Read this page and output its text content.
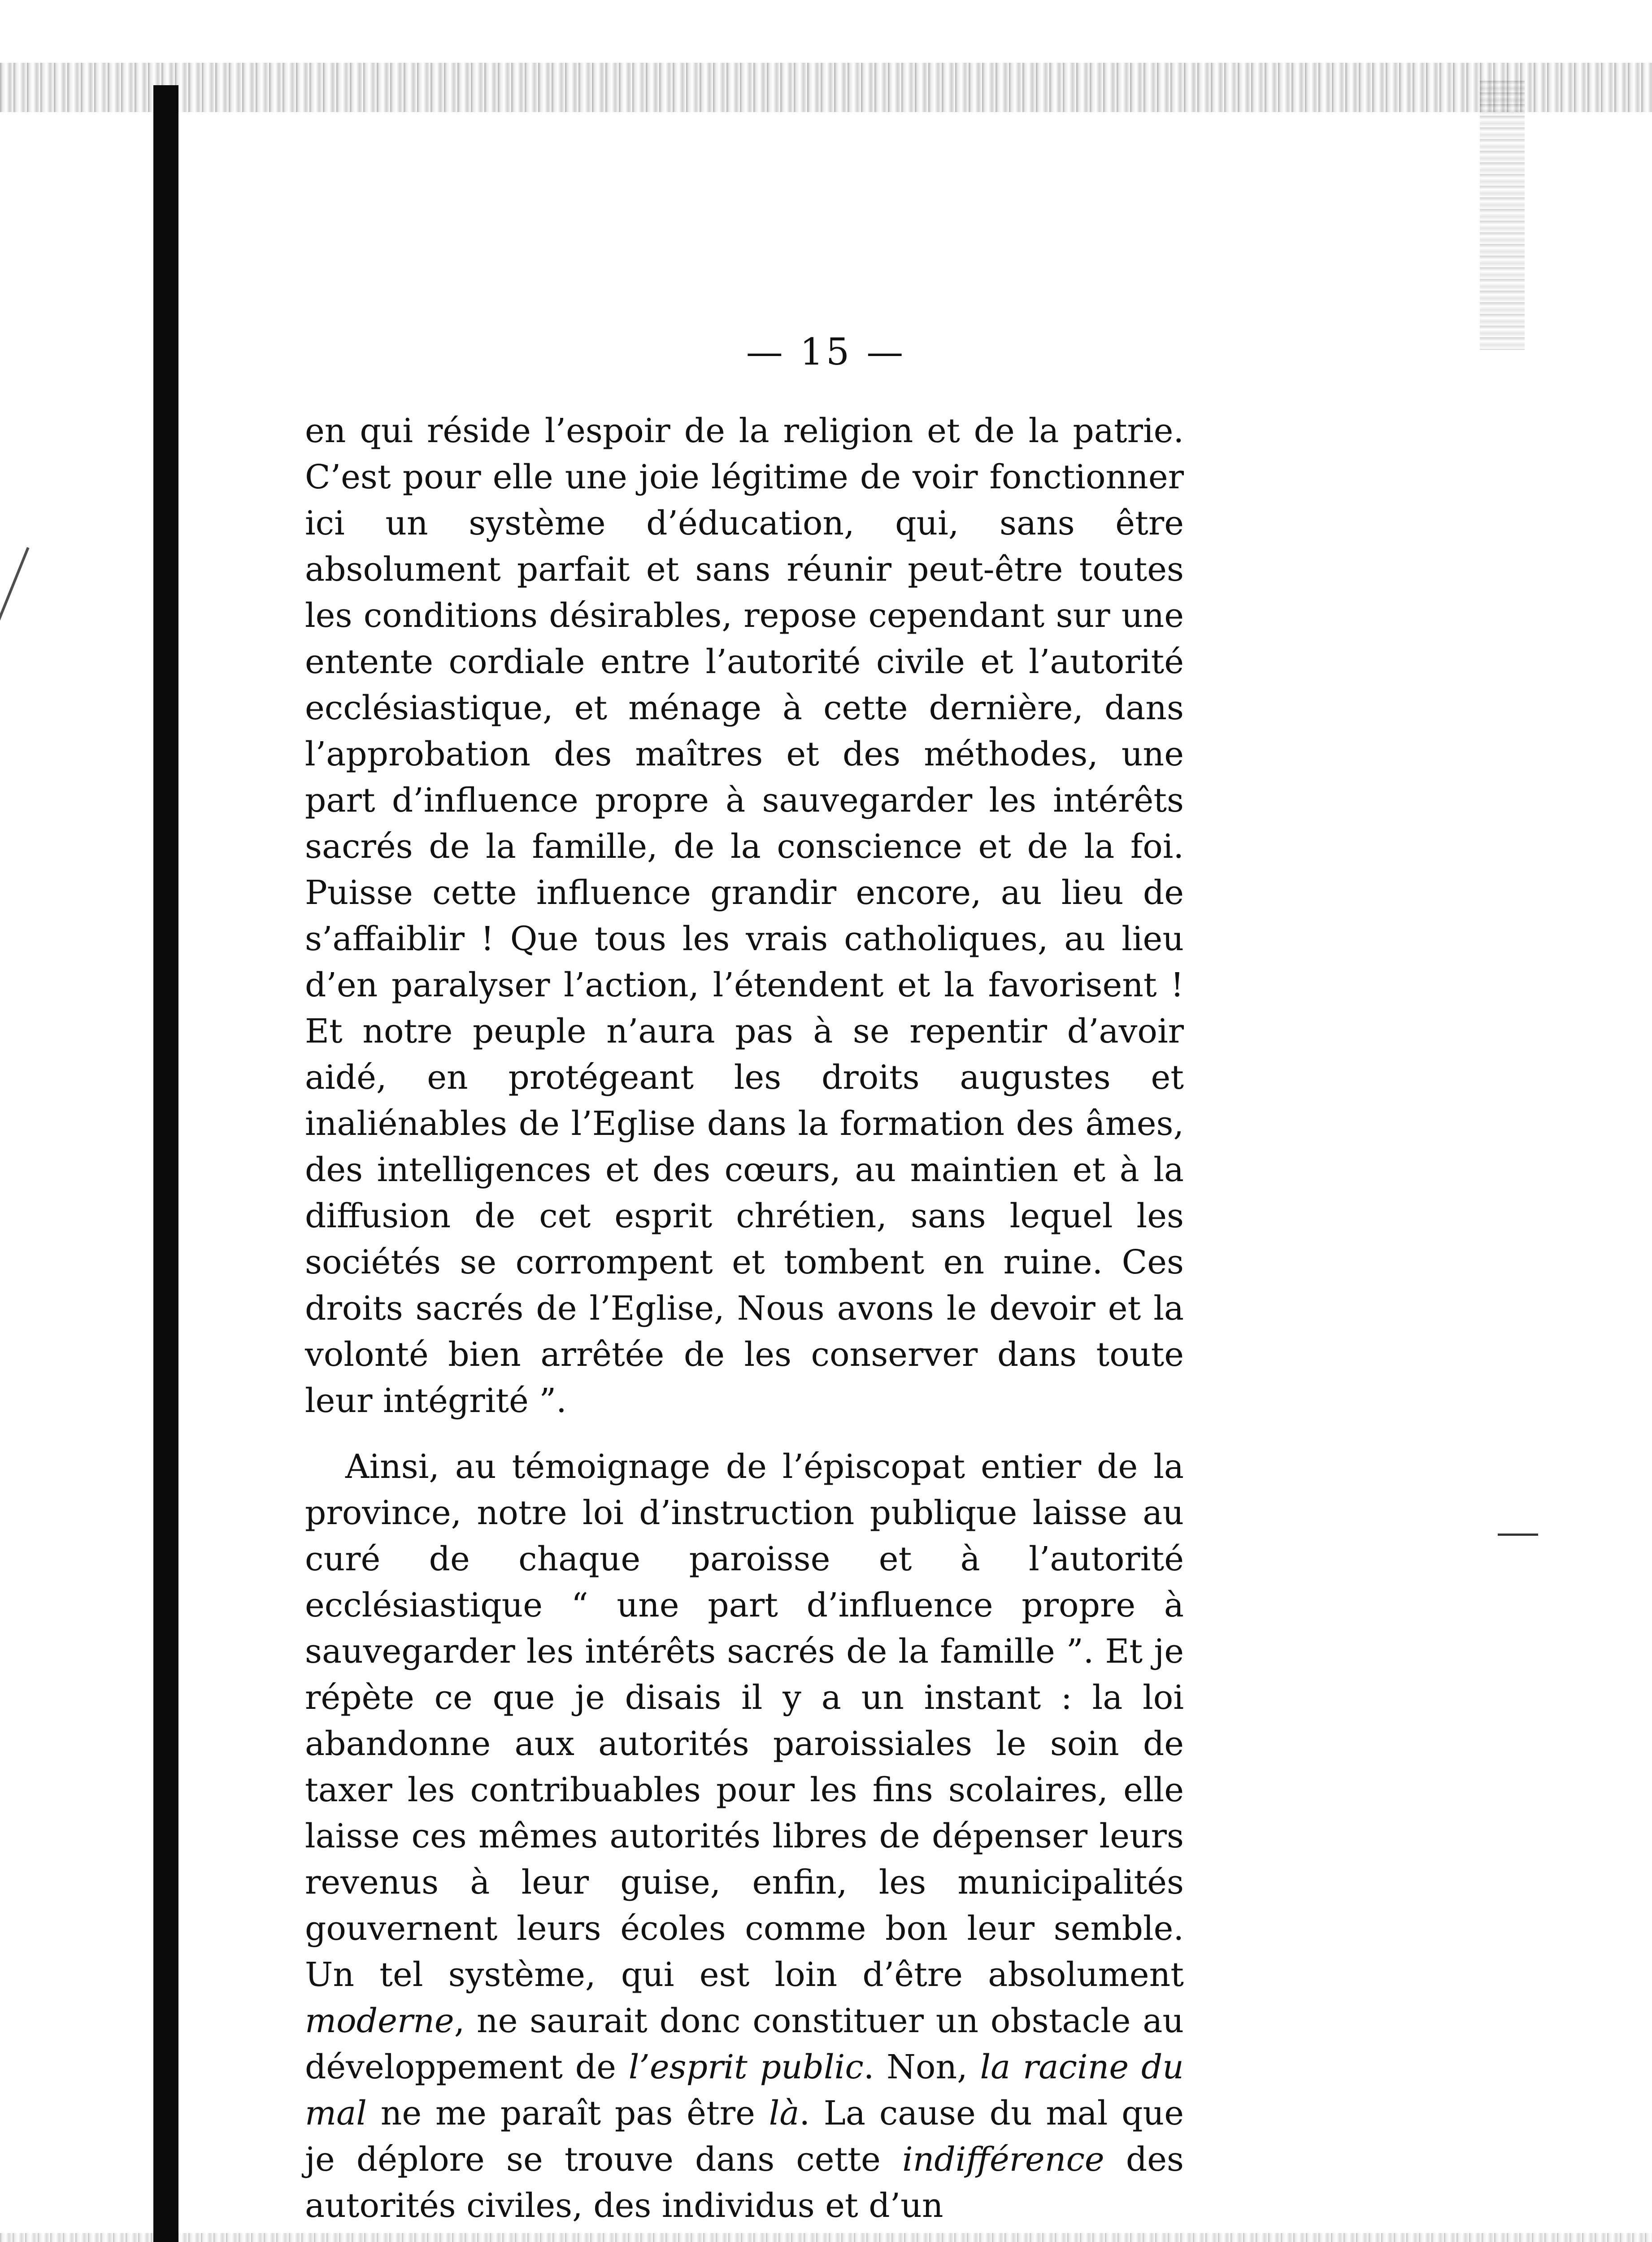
— 15 —

en qui réside l’espoir de la religion et de la patrie. C’est pour elle une joie légitime de voir fonctionner ici un système d’éducation, qui, sans être absolument parfait et sans réunir peut-être toutes les conditions désirables, repose cependant sur une entente cordiale entre l’autorité civile et l’autorité ecclésiastique, et ménage à cette dernière, dans l’approbation des maîtres et des méthodes, une part d’influence propre à sauvegarder les intérêts sacrés de la famille, de la conscience et de la foi. Puisse cette influence grandir encore, au lieu de s’affaiblir ! Que tous les vrais catholiques, au lieu d’en paralyser l’action, l’étendent et la favorisent ! Et notre peuple n’aura pas à se repentir d’avoir aidé, en protégeant les droits augustes et inaliénables de l’Eglise dans la formation des âmes, des intelligences et des cœurs, au maintien et à la diffusion de cet esprit chrétien, sans lequel les sociétés se corrompent et tombent en ruine. Ces droits sacrés de l’Eglise, Nous avons le devoir et la volonté bien arrêtée de les conserver dans toute leur intégrité ”.

Ainsi, au témoignage de l’épiscopat entier de la province, notre loi d’instruction publique laisse au curé de chaque paroisse et à l’autorité ecclésiastique “ une part d’influence propre à sauvegarder les intérêts sacrés de la famille ”. Et je répète ce que je disais il y a un instant : la loi abandonne aux autorités paroissiales le soin de taxer les contribuables pour les fins scolaires, elle laisse ces mêmes autorités libres de dépenser leurs revenus à leur guise, enfin, les municipalités gouvernent leurs écoles comme bon leur semble. Un tel système, qui est loin d’être absolument moderne, ne saurait donc constituer un obstacle au développement de l’esprit public. Non, la racine du mal ne me paraît pas être là. La cause du mal que je déplore se trouve dans cette indifférence des autorités civiles, des individus et d’un
